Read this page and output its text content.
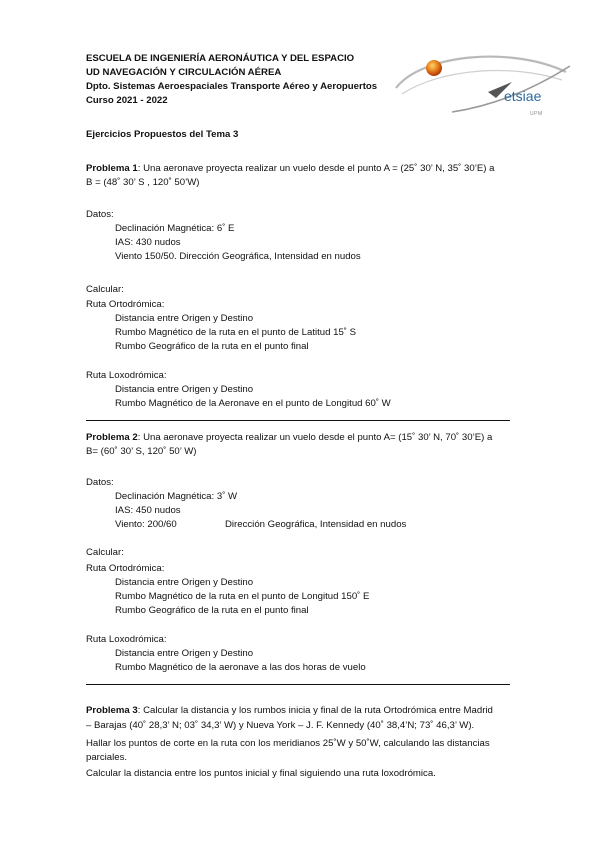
ESCUELA DE INGENIERÍA AERONÁUTICA Y DEL ESPACIO
UD NAVEGACIÓN Y CIRCULACIÓN AÉREA
Dpto. Sistemas Aeroespaciales Transporte Aéreo y Aeropuertos
Curso 2021 - 2022	etsiae
UPM
Ejercicios Propuestos del Tema 3
Problema 1: Una aeronave proyecta realizar un vuelo desde el punto A = (25˚ 30’ N, 35˚ 30’E) a
B = (48˚ 30’ S , 120˚ 50’W)
Datos:
Declinación Magnética: 6˚ E
IAS: 430 nudos
Viento 150/50. Dirección Geográfica, Intensidad en nudos
Calcular:
Ruta Ortodrómica:
Distancia entre Origen y Destino
Rumbo Magnético de la ruta en el punto de Latitud 15˚ S
Rumbo Geográfico de la ruta en el punto final
Ruta Loxodrómica:
Distancia entre Origen y Destino
Rumbo Magnético de la Aeronave en el punto de Longitud 60˚ W
Problema 2: Una aeronave proyecta realizar un vuelo desde el punto A= (15˚ 30’ N, 70˚ 30’E) a
B= (60˚ 30’ S, 120˚ 50’ W)
Datos:
Declinación Magnética: 3˚ W
IAS: 450 nudos
Viento: 200/60	Dirección Geográfica, Intensidad en nudos
Calcular:
Ruta Ortodrómica:
Distancia entre Origen y Destino
Rumbo Magnético de la ruta en el punto de Longitud 150˚ E
Rumbo Geográfico de la ruta en el punto final
Ruta Loxodrómica:
Distancia entre Origen y Destino
Rumbo Magnético de la aeronave a las dos horas de vuelo
Problema 3: Calcular la distancia y los rumbos inicia y final de la ruta Ortodrómica entre Madrid
– Barajas (40˚ 28,3’ N; 03˚ 34,3’ W) y Nueva York – J. F. Kennedy (40˚ 38,4’N; 73˚ 46,3’ W).
Hallar los puntos de corte en la ruta con los meridianos 25˚W y 50˚W, calculando las distancias
parciales.
Calcular la distancia entre los puntos inicial y final siguiendo una ruta loxodrómica.
